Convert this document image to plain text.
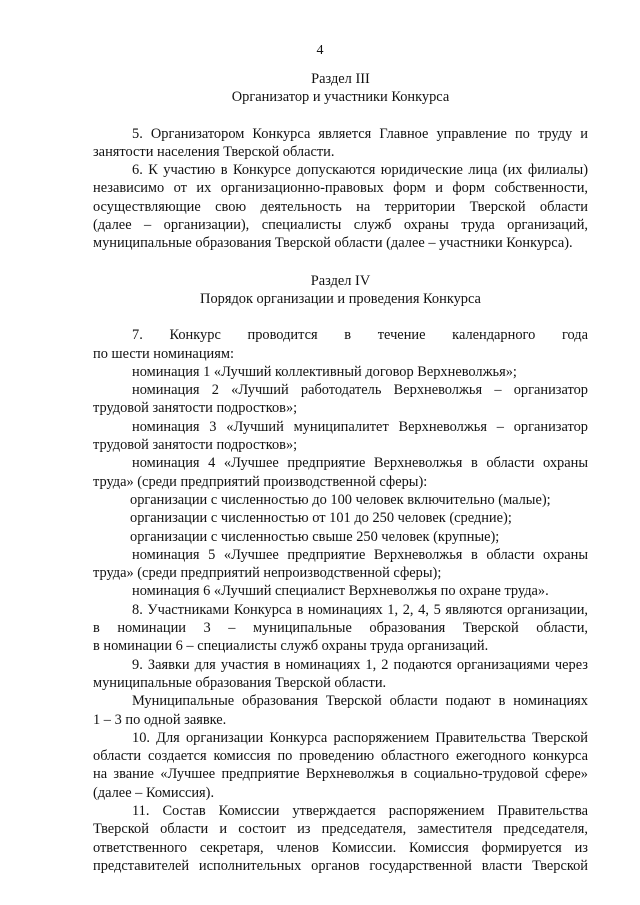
4

Раздел III

Организатор и участники Конкурса

5. Организатором Конкурса является Главное управление по труду и

занятости населения Тверской области.

6. К участию в Конкурсе допускаются юридические лица (их филиалы)

независимо от их организационно-правовых форм и форм собственности,

осуществляющие свою деятельность на территории Тверской области

(далее – организации), специалисты служб охраны труда организаций,

муниципальные образования Тверской области (далее – участники Конкурса).

Раздел IV

Порядок организации и проведения Конкурса

7. Конкурс проводится в течение календарного года

по шести номинациям:

номинация 1 «Лучший коллективный договор Верхневолжья»;

номинация 2 «Лучший работодатель Верхневолжья – организатор

трудовой занятости подростков»;

номинация 3 «Лучший муниципалитет Верхневолжья – организатор

трудовой занятости подростков»;

номинация 4 «Лучшее предприятие Верхневолжья в области охраны

труда» (среди предприятий производственной сферы):

организации с численностью до 100 человек включительно (малые);

организации с численностью от 101 до 250 человек (средние);

организации с численностью свыше 250 человек (крупные);

номинация 5 «Лучшее предприятие Верхневолжья в области охраны

труда» (среди предприятий непроизводственной сферы);

номинация 6 «Лучший специалист Верхневолжья по охране труда».

8. Участниками Конкурса в номинациях 1, 2, 4, 5 являются организации,

в номинации 3 – муниципальные образования Тверской области,

в номинации 6 – специалисты служб охраны труда организаций.

9. Заявки для участия в номинациях 1, 2 подаются организациями через

муниципальные образования Тверской области.

Муниципальные образования Тверской области подают в номинациях

1 – 3 по одной заявке.

10. Для организации Конкурса распоряжением Правительства Тверской

области создается комиссия по проведению областного ежегодного конкурса

на звание «Лучшее предприятие Верхневолжья в социально-трудовой сфере»

(далее – Комиссия).

11. Состав Комиссии утверждается распоряжением Правительства

Тверской области и состоит из председателя, заместителя председателя,

ответственного секретаря, членов Комиссии. Комиссия формируется из

представителей исполнительных органов государственной власти Тверской
